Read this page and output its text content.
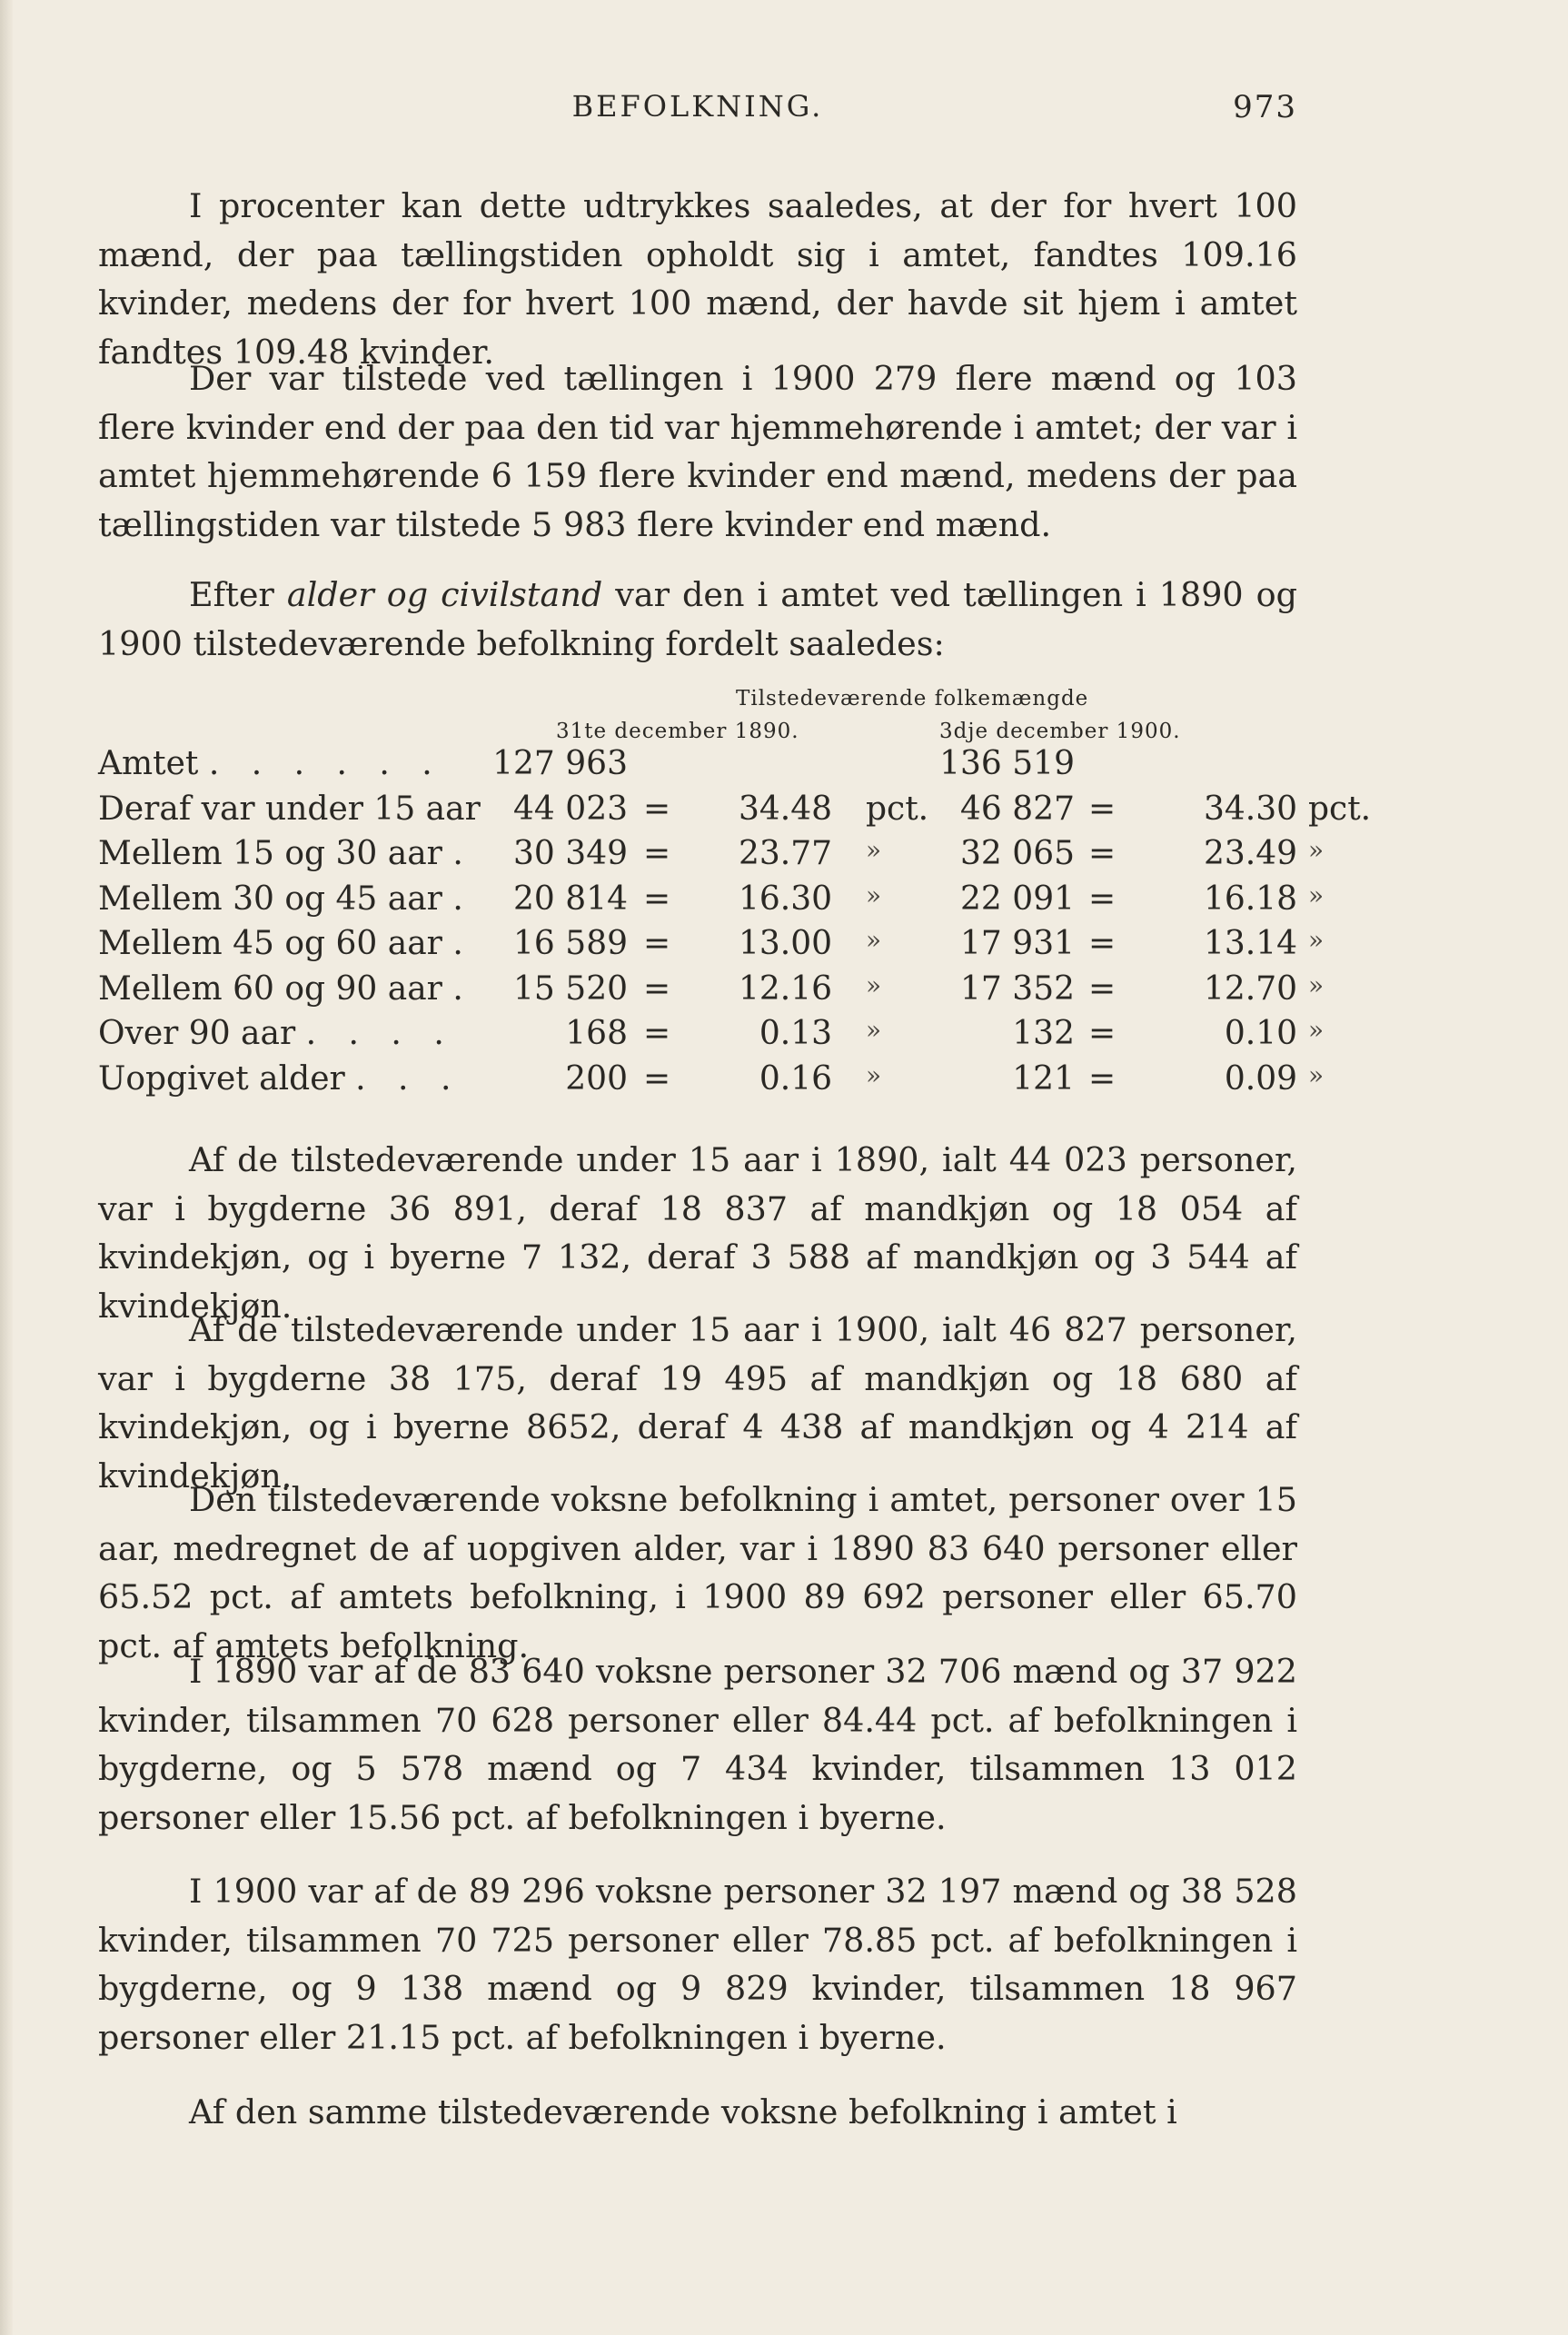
BEFOLKNING.	973

I procenter kan dette udtrykkes saaledes, at der for hvert 100 mænd, der paa tællingstiden opholdt sig i amtet, fandtes 109.16 kvinder, medens der for hvert 100 mænd, der havde sit hjem i amtet fandtes 109.48 kvinder.

Der var tilstede ved tællingen i 1900 279 flere mænd og 103 flere kvinder end der paa den tid var hjemmehørende i amtet; der var i amtet hjemmehørende 6 159 flere kvinder end mænd, medens der paa tællingstiden var tilstede 5 983 flere kvinder end mænd.

Efter alder og civilstand var den i amtet ved tællingen i 1890 og 1900 tilstedeværende befolkning fordelt saaledes:

Tilstedeværende folkemængde
31te december 1890.	3dje december 1900.
Amtet . . . . . . 127 963	136 519
Deraf var under 15 aar 44 023 = 34.48 pct. 46 827 =	34.30 pct.
Mellem 15 og 30 aar . 30 349 = 23.77 » 32 065 =	23.49 »
Mellem 30 og 45 aar . 20 814 = 16.30 » 22 091 =	16.18 »
Mellem 45 og 60 aar . 16 589 = 13.00 » 17 931 =	13.14 »
Mellem 60 og 90 aar . 15 520 = 12.16 » 17 352 =	12.70 »
Over 90 aar . . . .	168 =	0.13 »	132 =	0.10 »
Uopgivet alder . . .	200 =	0.16 »	121 =	0.09 »

Af de tilstedeværende under 15 aar i 1890, ialt 44 023 personer, var i bygderne 36 891, deraf 18 837 af mandkjøn og 18 054 af kvindekjøn, og i byerne 7 132, deraf 3 588 af mandkjøn og 3 544 af kvindekjøn.

Af de tilstedeværende under 15 aar i 1900, ialt 46 827 personer, var i bygderne 38 175, deraf 19 495 af mandkjøn og 18 680 af kvindekjøn, og i byerne 8652, deraf 4 438 af mandkjøn og 4 214 af kvindekjøn.

Den tilstedeværende voksne befolkning i amtet, personer over 15 aar, medregnet de af uopgiven alder, var i 1890 83 640 personer eller 65.52 pct. af amtets befolkning, i 1900 89 692 personer eller 65.70 pct. af amtets befolkning.

I 1890 var af de 83 640 voksne personer 32 706 mænd og 37 922 kvinder, tilsammen 70 628 personer eller 84.44 pct. af befolkningen i bygderne, og 5 578 mænd og 7 434 kvinder, tilsammen 13 012 personer eller 15.56 pct. af befolkningen i byerne.

I 1900 var af de 89 296 voksne personer 32 197 mænd og 38 528 kvinder, tilsammen 70 725 personer eller 78.85 pct. af befolkningen i bygderne, og 9 138 mænd og 9 829 kvinder, tilsammen 18 967 personer eller 21.15 pct. af befolkningen i byerne.

Af den samme tilstedeværende voksne befolkning i amtet i
